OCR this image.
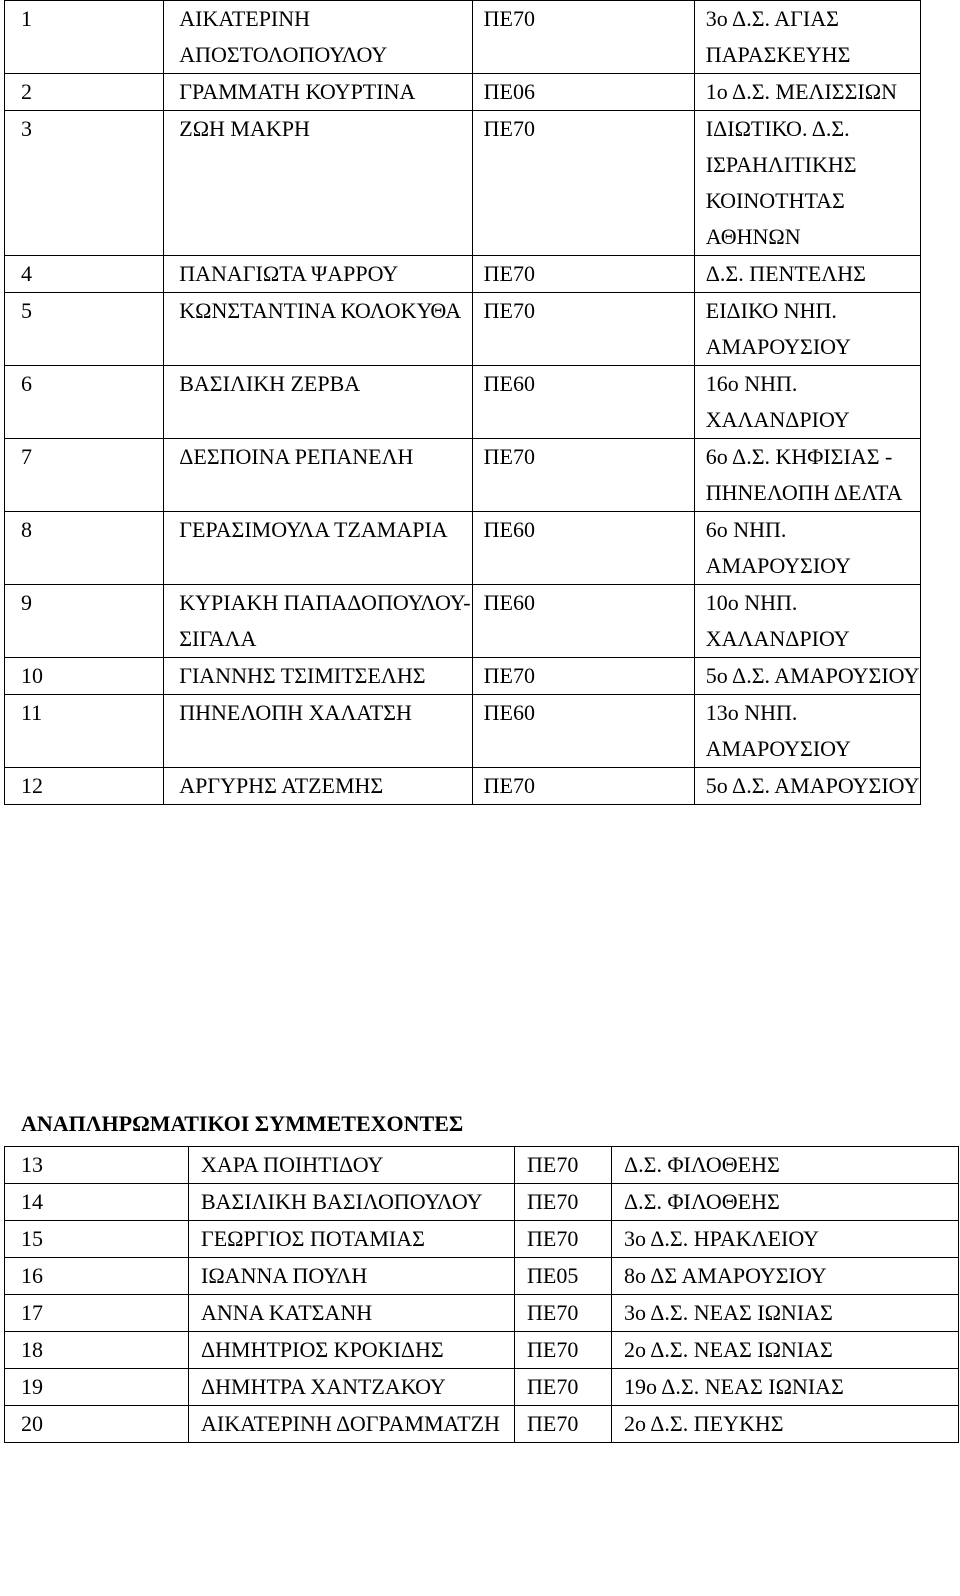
1	ΑΙΚΑΤΕΡΙΝΗ ΑΠΟΣΤΟΛΟΠΟΥΛΟΥ	ΠΕ70	3ο Δ.Σ. ΑΓΙΑΣ ΠΑΡΑΣΚΕΥΗΣ
2	ΓΡΑΜΜΑΤΗ ΚΟΥΡΤΙΝΑ	ΠΕ06	1ο Δ.Σ. ΜΕΛΙΣΣΙΩΝ
3	ΖΩΗ ΜΑΚΡΗ	ΠΕ70	ΙΔΙΩΤΙΚΟ. Δ.Σ. ΙΣΡΑΗΛΙΤΙΚΗΣ ΚΟΙΝΟΤΗΤΑΣ ΑΘΗΝΩΝ
4	ΠΑΝΑΓΙΩΤΑ ΨΑΡΡΟΥ	ΠΕ70	Δ.Σ. ΠΕΝΤΕΛΗΣ
5	ΚΩΝΣΤΑΝΤΙΝΑ ΚΟΛΟΚΥΘΑ	ΠΕ70	ΕΙΔΙΚΟ ΝΗΠ. ΑΜΑΡΟΥΣΙΟΥ
6	ΒΑΣΙΛΙΚΗ ΖΕΡΒΑ	ΠΕ60	16ο ΝΗΠ. ΧΑΛΑΝΔΡΙΟΥ
7	ΔΕΣΠΟΙΝΑ ΡΕΠΑΝΕΛΗ	ΠΕ70	6ο Δ.Σ. ΚΗΦΙΣΙΑΣ - ΠΗΝΕΛΟΠΗ ΔΕΛΤΑ
8	ΓΕΡΑΣΙΜΟΥΛΑ ΤΖΑΜΑΡΙΑ	ΠΕ60	6ο ΝΗΠ. ΑΜΑΡΟΥΣΙΟΥ
9	ΚΥΡΙΑΚΗ ΠΑΠΑΔΟΠΟΥΛΟΥ-ΣΙΓΑΛΑ	ΠΕ60	10ο ΝΗΠ. ΧΑΛΑΝΔΡΙΟΥ
10	ΓΙΑΝΝΗΣ ΤΣΙΜΙΤΣΕΛΗΣ	ΠΕ70	5ο Δ.Σ. ΑΜΑΡΟΥΣΙΟΥ
11	ΠΗΝΕΛΟΠΗ ΧΑΛΑΤΣΗ	ΠΕ60	13ο ΝΗΠ. ΑΜΑΡΟΥΣΙΟΥ
12	ΑΡΓΥΡΗΣ ΑΤΖΕΜΗΣ	ΠΕ70	5ο Δ.Σ. ΑΜΑΡΟΥΣΙΟΥ

ΑΝΑΠΛΗΡΩΜΑΤΙΚΟΙ ΣΥΜΜΕΤΕΧΟΝΤΕΣ

13	ΧΑΡΑ ΠΟΙΗΤΙΔΟΥ	ΠΕ70	Δ.Σ. ΦΙΛΟΘΕΗΣ
14	ΒΑΣΙΛΙΚΗ ΒΑΣΙΛΟΠΟΥΛΟΥ	ΠΕ70	Δ.Σ. ΦΙΛΟΘΕΗΣ
15	ΓΕΩΡΓΙΟΣ ΠΟΤΑΜΙΑΣ	ΠΕ70	3ο Δ.Σ. ΗΡΑΚΛΕΙΟΥ
16	ΙΩΑΝΝΑ ΠΟΥΛΗ	ΠΕ05	8ο ΔΣ ΑΜΑΡΟΥΣΙΟΥ
17	ΑΝΝΑ ΚΑΤΣΑΝΗ	ΠΕ70	3ο Δ.Σ. ΝΕΑΣ ΙΩΝΙΑΣ
18	ΔΗΜΗΤΡΙΟΣ ΚΡΟΚΙΔΗΣ	ΠΕ70	2ο Δ.Σ. ΝΕΑΣ ΙΩΝΙΑΣ
19	ΔΗΜΗΤΡΑ ΧΑΝΤΖΑΚΟΥ	ΠΕ70	19ο Δ.Σ. ΝΕΑΣ ΙΩΝΙΑΣ
20	ΑΙΚΑΤΕΡΙΝΗ ΔΟΓΡΑΜΜΑΤΖΗ	ΠΕ70	2ο Δ.Σ. ΠΕΥΚΗΣ
